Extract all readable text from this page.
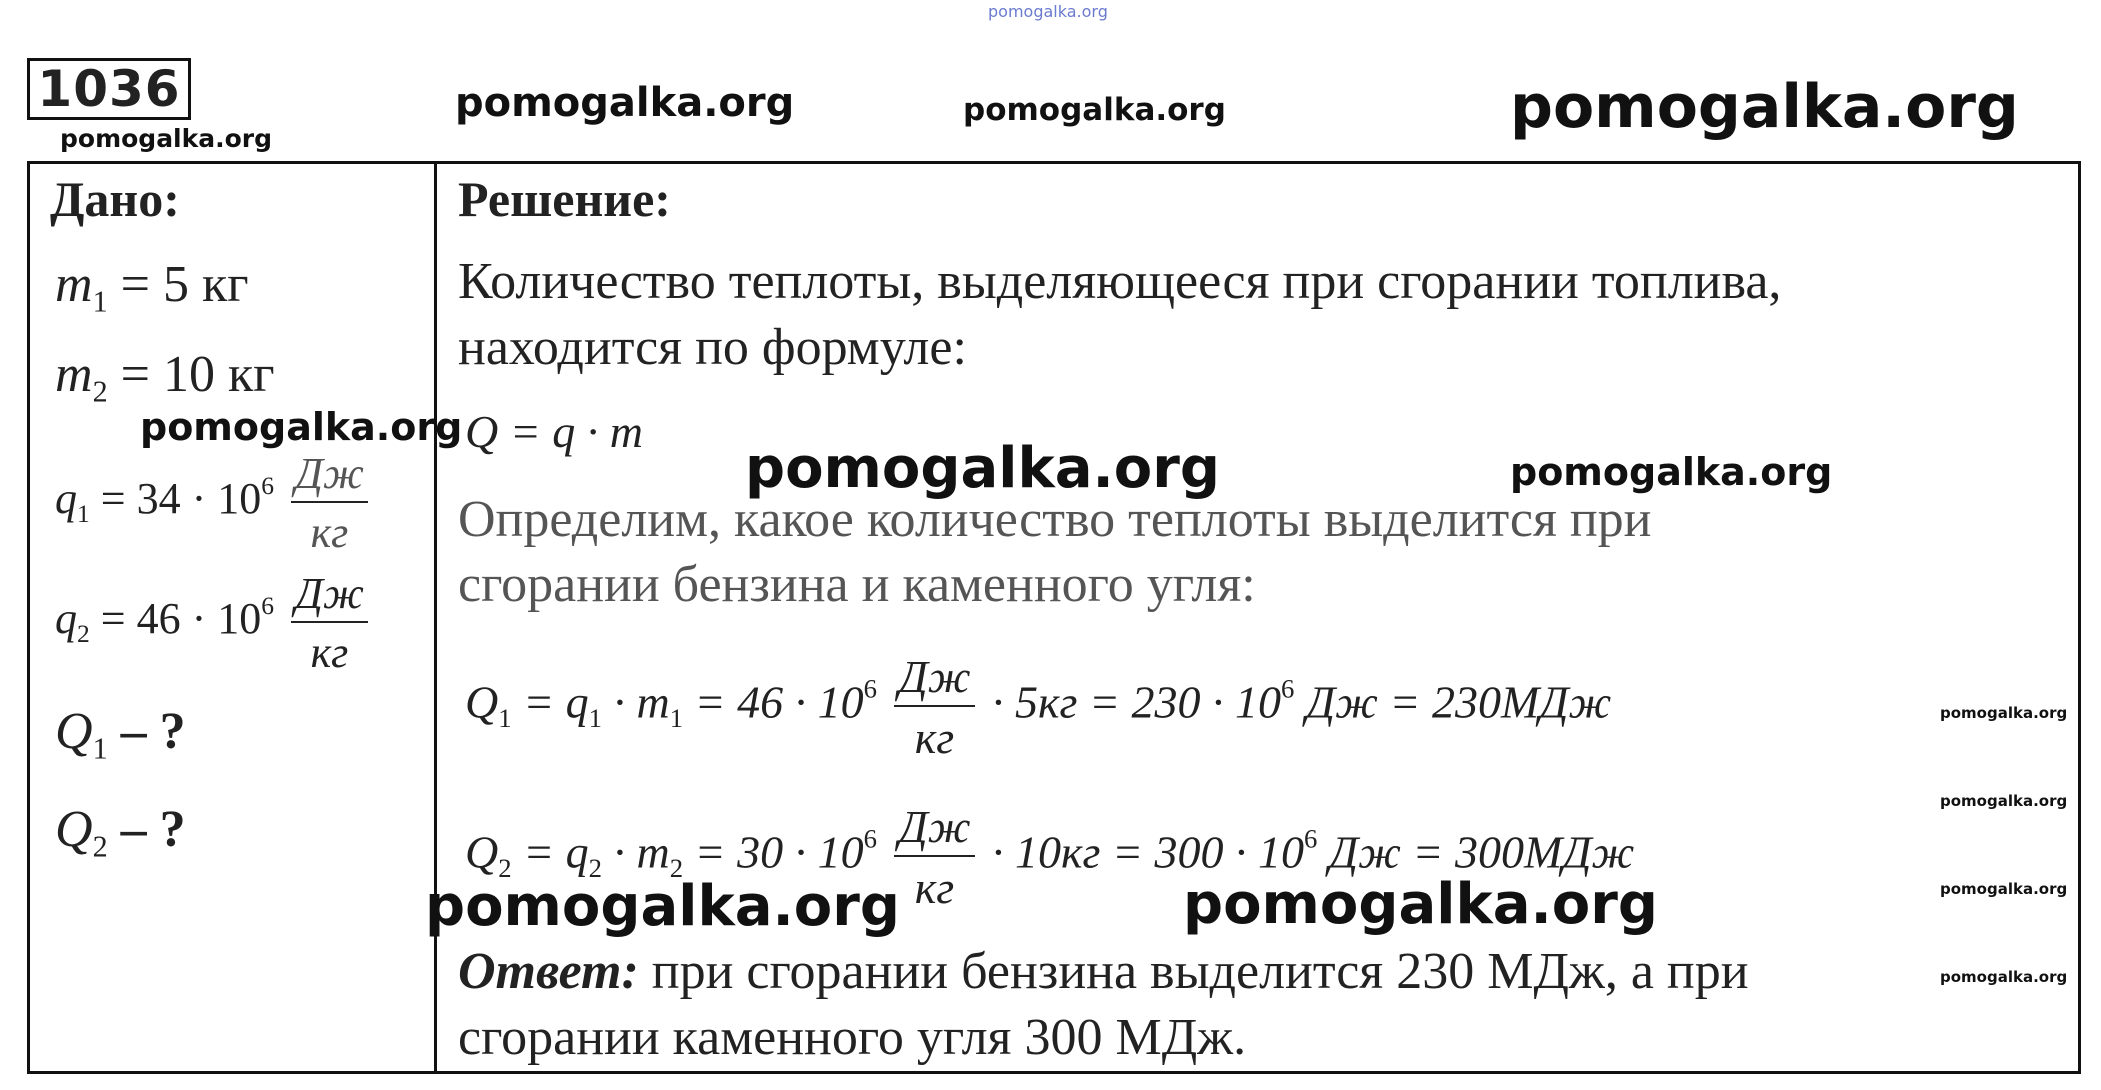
pomogalka.org
pomogalka.org
pomogalka.org	pomogalka.org	pomogalka.org
1036
Дано:
$m_1 = 5$ кг
$m_2 = 10$ кг
$q_1 = 34 \cdot 10^6 \frac{Дж}{кг}$
$q_2 = 46 \cdot 10^6 \frac{Дж}{кг}$
$Q_1$ – ?
$Q_2$ – ?
Решение:
Количество теплоты, выделяющееся при сгорании топлива,
находится по формуле:
Q = q · m
Определим, какое количество теплоты выделится при
сгорании бензина и каменного угля:
$Q_1 = q_1 \cdot m_1 = 46 \cdot 10^6 \frac{Дж}{кг} \cdot 5кг = 230 \cdot 10^6$ Дж = 230МДж
$Q_2 = q_2 \cdot m_2 = 30 \cdot 10^6 \frac{Дж}{кг} \cdot 10кг = 300 \cdot 10^6$ Дж = 300МДж
Ответ: при сгорании бензина выделится 230 МДж, а при
сгорании каменного угля 300 МДж.
pomogalka.org
pomogalka.org	pomogalka.org
pomogalka.org
pomogalka.org
pomogalka.org
pomogalka.org
pomogalka.org	pomogalka.org
